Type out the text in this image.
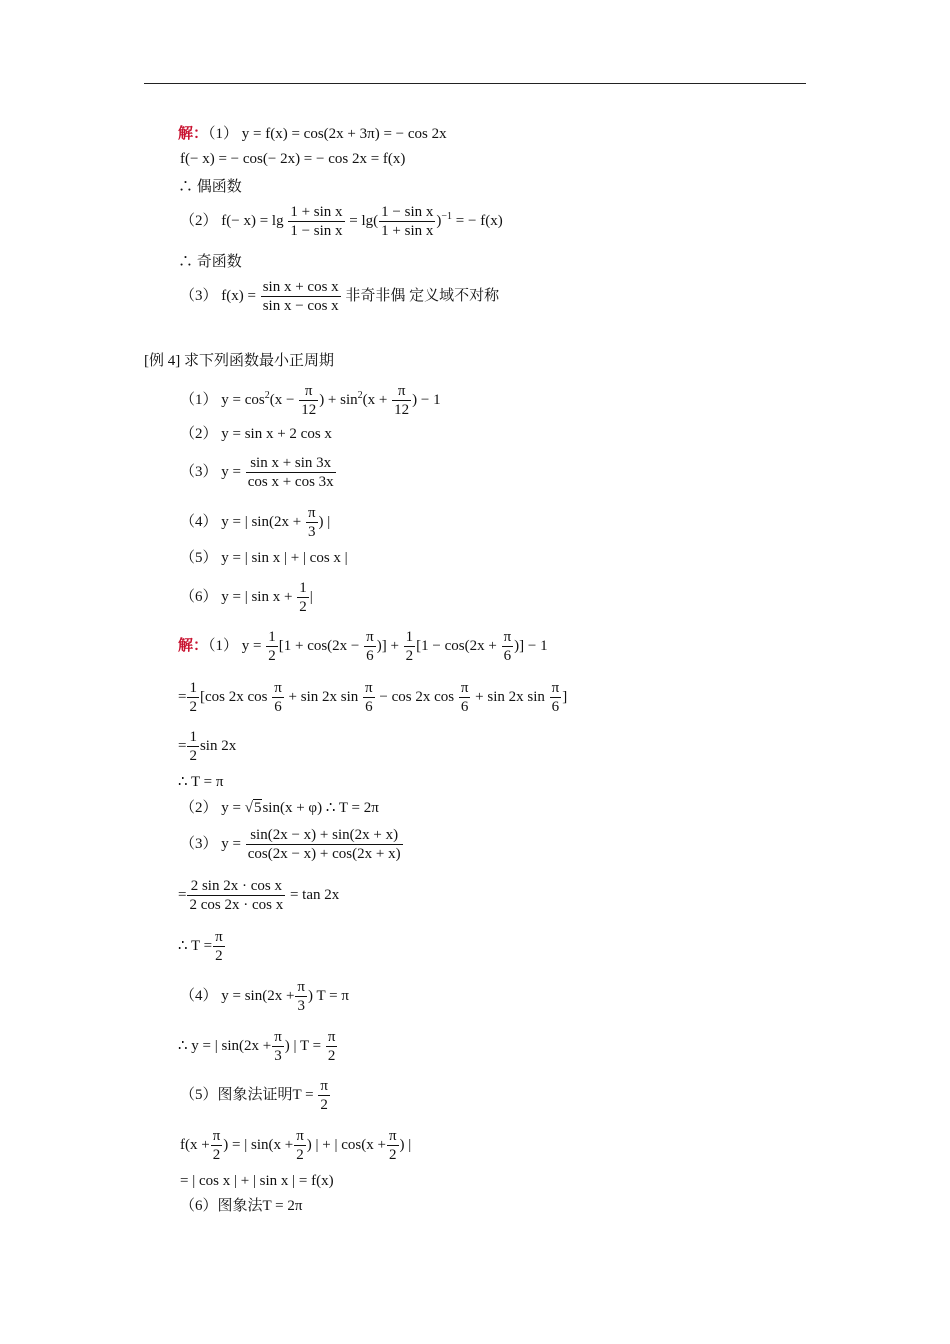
解：（1） y = f(x) = cos(2x + 3π) = − cos 2x
f(− x) = − cos(− 2x) = − cos 2x = f(x)
∴ 偶函数
（2） $f(- x) = \lg \frac{\text{1 + sin x}}{\text{1 − sin x}} = \lg( \frac{\text{1 − sin x}}{\text{1 + sin x}} )^{-1}$ = − f(x)
∴ 奇函数
（3） $f(x) = \frac{\text{sin x + cos x}}{\text{sin x − cos x}}$ 非奇非偶 定义域不对称
[例 4] 求下列函数最小正周期
（1） $y = \cos^2(x - \frac{\pi}{12}$ ) + $\sin^2(x + \frac{\pi}{12}$ ) − 1
（2） y = sin x + 2 cos x
（3） $y = \frac{\text{sin x + sin 3x}}{\text{cos x + cos 3x}}$
（4） y = | $\sin(2x + \frac{\pi}{3}$ ) |
（5） y = | sin x | + | cos x |
（6） y = | $\sin x + \frac{1}{2}$ |
解：（1） $y = \frac{1}{2} [1 + \cos(2x - \frac{\pi}{6}$ )] + $\frac{1}{2} [1 - \cos(2x + \frac{\pi}{6}$ )] − 1
= $\frac{1}{2} [\cos$ 2x $\cos \frac{\pi}{6} + \sin 2x$ $\sin \frac{\pi}{6} - \cos 2x$ $\cos \frac{\pi}{6} + \sin 2x$ $\sin \frac{\pi}{6}$ ]
= $\frac{1}{2}$ sin 2x
∴ T = π
（2） y = √5sin(x + φ) ∴ T = 2π
（3） $y = \frac{\sin(2x - x) + \sin(2x + x)}{\cos(2x - x) + \cos(2x + x)}$
= $\frac{\text{2 sin 2x · cos x}}{\text{2 cos 2x · cos x}} = \tan 2x$
∴ $T = \frac{\pi}{2}$
（4） $y = \sin(2x + \frac{\pi}{3}$ ) T = π
∴ y = | $\sin(2x + \frac{\pi}{3}$ ) | $T = \frac{\pi}{2}$
（5）图象法证明$T = \frac{\pi}{2}$
$f(x + \frac{\pi}{2}$ ) = | $\sin(x + \frac{\pi}{2}$ ) | + | $\cos(x + \frac{\pi}{2}$ ) |
= | cos x | + | sin x | = f(x)
（6）图象法T = 2π
